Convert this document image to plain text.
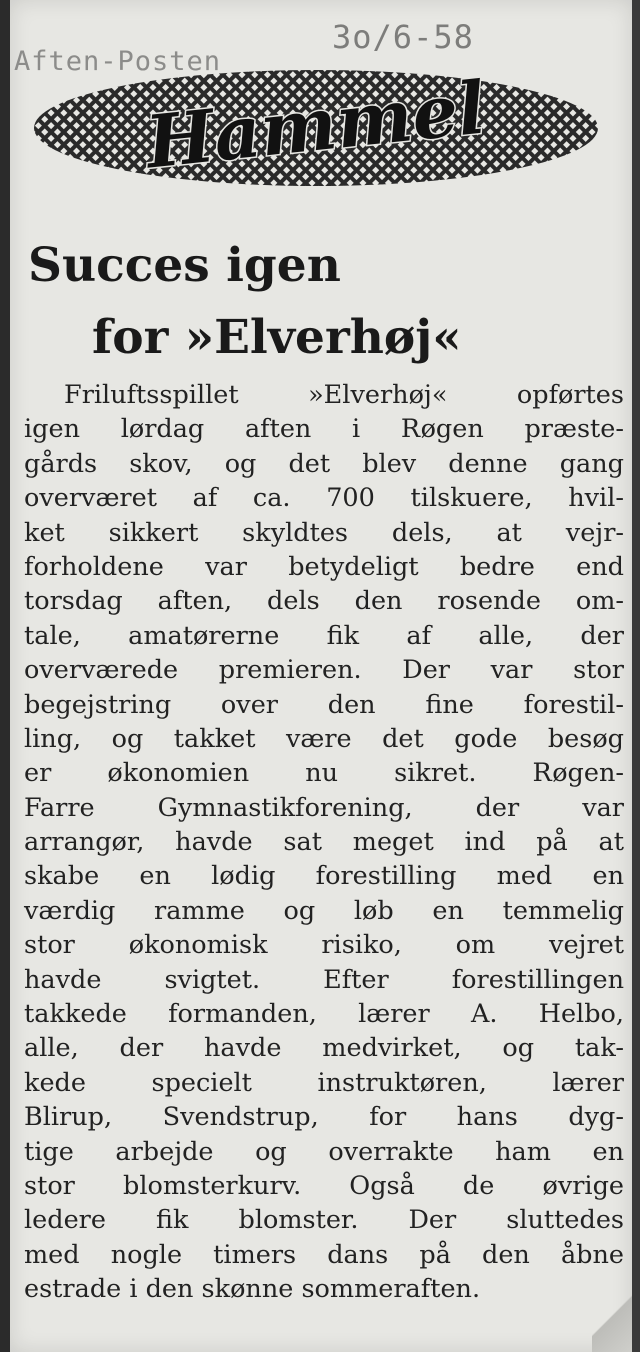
Aften-Posten
3o/6-58
Hammel
Succes igen
for »Elverhøj«
Friluftsspillet »Elverhøj« opførtes
igen lørdag aften i Røgen præste-
gårds skov, og det blev denne gang
overværet af ca. 700 tilskuere, hvil-
ket sikkert skyldtes dels, at vejr-
forholdene var betydeligt bedre end
torsdag aften, dels den rosende om-
tale, amatørerne fik af alle, der
overværede premieren. Der var stor
begejstring over den fine forestil-
ling, og takket være det gode besøg
er økonomien nu sikret. Røgen-
Farre Gymnastikforening, der var
arrangør, havde sat meget ind på at
skabe en lødig forestilling med en
værdig ramme og løb en temmelig
stor økonomisk risiko, om vejret
havde svigtet. Efter forestillingen
takkede formanden, lærer A. Helbo,
alle, der havde medvirket, og tak-
kede specielt instruktøren, lærer
Blirup, Svendstrup, for hans dyg-
tige arbejde og overrakte ham en
stor blomsterkurv. Også de øvrige
ledere fik blomster. Der sluttedes
med nogle timers dans på den åbne
estrade i den skønne sommeraften.
